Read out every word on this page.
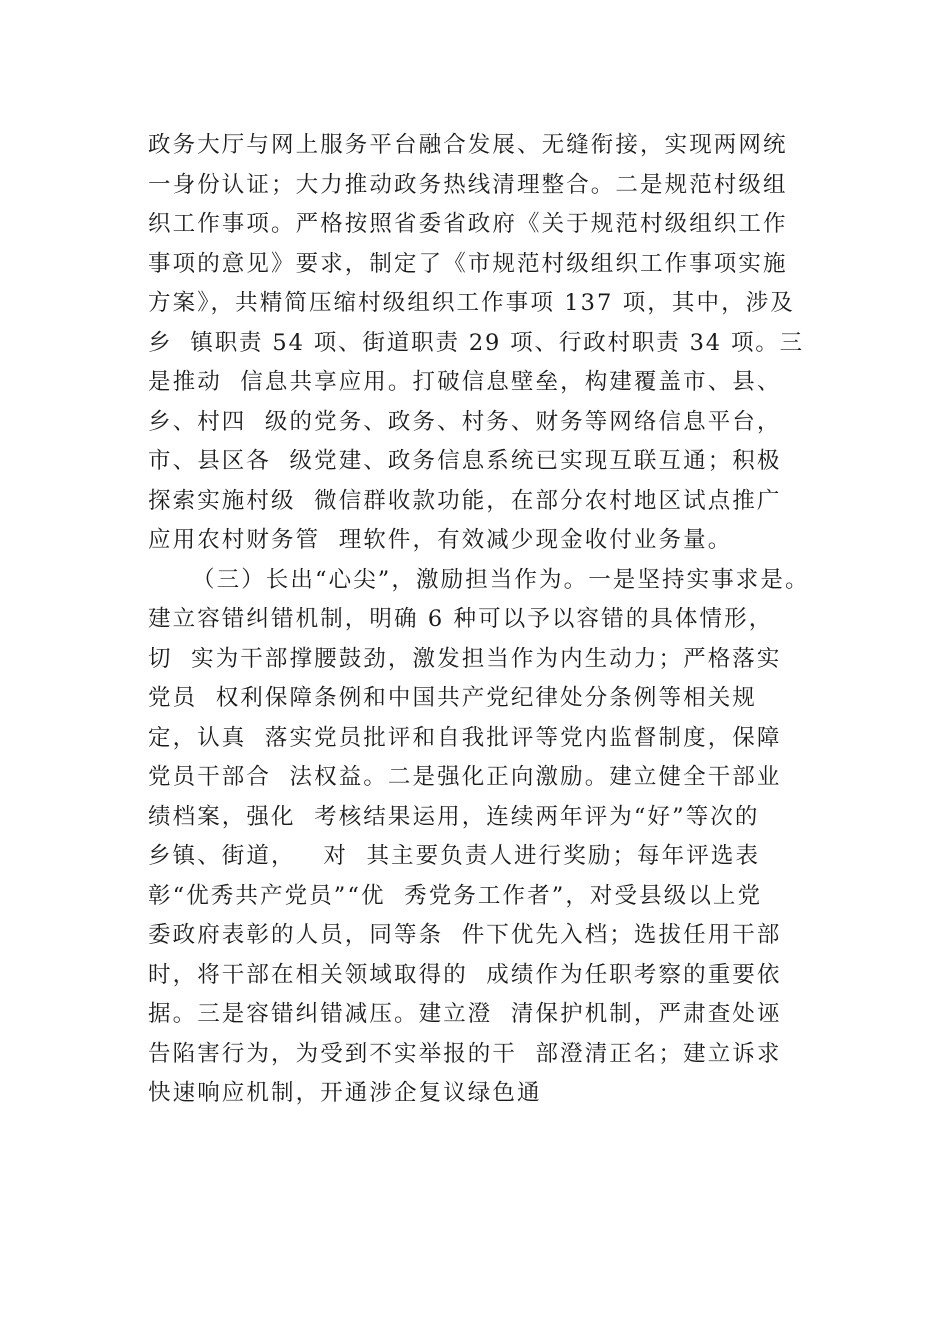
政务大厅与网上服务平台融合发展、无缝衔接，实现两网统
一身份认证；大力推动政务热线清理整合。二是规范村级组
织工作事项。严格按照省委省政府《关于规范村级组织工作
事项的意见》要求，制定了《市规范村级组织工作事项实施
方案》，共精简压缩村级组织工作事项 137 项，其中，涉及
乡  镇职责 54 项、街道职责 29 项、行政村职责 34 项。三
是推动  信息共享应用。打破信息壁垒，构建覆盖市、县、
乡、村四  级的党务、政务、村务、财务等网络信息平台，
市、县区各  级党建、政务信息系统已实现互联互通；积极
探索实施村级  微信群收款功能，在部分农村地区试点推广
应用农村财务管  理软件，有效减少现金收付业务量。
（三）长出“心尖”，激励担当作为。一是坚持实事求是。
建立容错纠错机制，明确 6 种可以予以容错的具体情形，
切  实为干部撑腰鼓劲，激发担当作为内生动力；严格落实
党员  权利保障条例和中国共产党纪律处分条例等相关规
定，认真  落实党员批评和自我批评等党内监督制度，保障
党员干部合  法权益。二是强化正向激励。建立健全干部业
绩档案，强化  考核结果运用，连续两年评为“好”等次的
乡镇、街道，   对  其主要负责人进行奖励；每年评选表
彰“优秀共产党员”“优  秀党务工作者”，对受县级以上党
委政府表彰的人员，同等条  件下优先入档；选拔任用干部
时，将干部在相关领域取得的  成绩作为任职考察的重要依
据。三是容错纠错减压。建立澄  清保护机制，严肃查处诬
告陷害行为，为受到不实举报的干  部澄清正名；建立诉求
快速响应机制，开通涉企复议绿色通
